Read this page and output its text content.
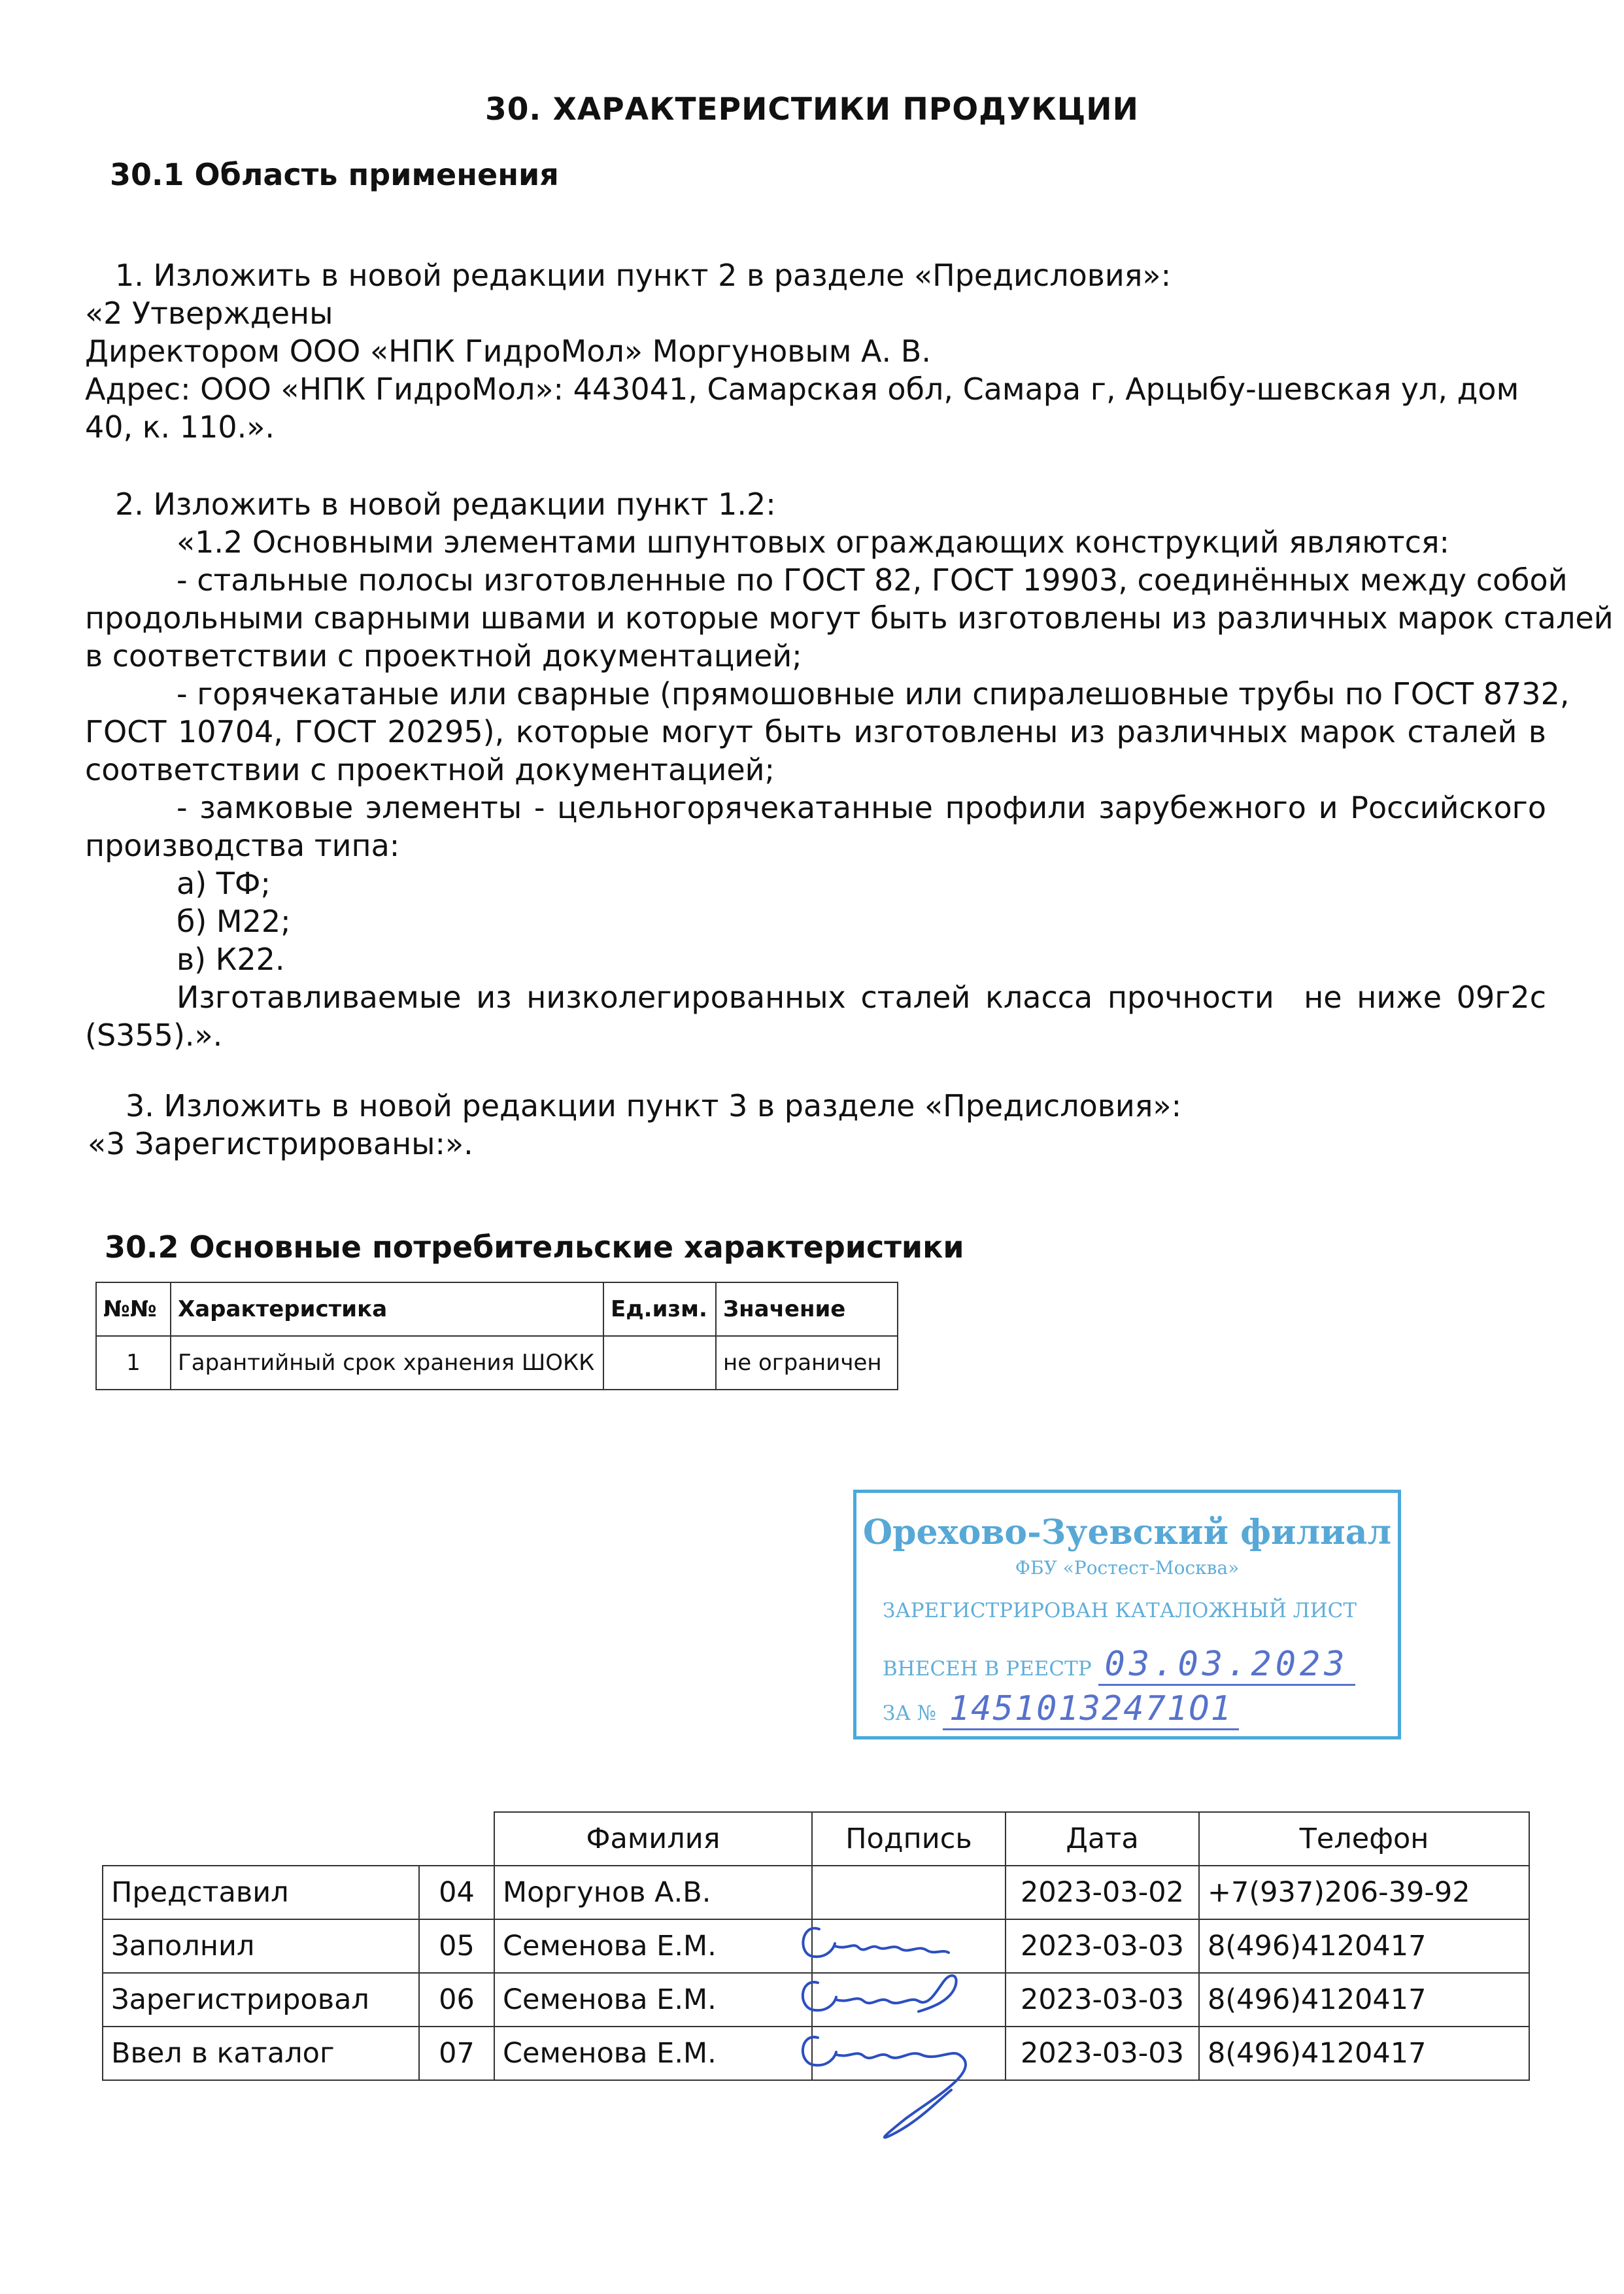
30. ХАРАКТЕРИСТИКИ ПРОДУКЦИИ
30.1 Область применения
1. Изложить в новой редакции пункт 2 в разделе «Предисловия»:
«2 Утверждены
Директором ООО «НПК ГидроМол» Моргуновым А. В.
Адрес: ООО «НПК ГидроМол»: 443041, Самарская обл, Самара г, Арцыбу-шевская ул, дом
40, к. 110.».
2. Изложить в новой редакции пункт 1.2:
«1.2 Основными элементами шпунтовых ограждающих конструкций являются:
- стальные полосы изготовленные по ГОСТ 82, ГОСТ 19903, соединённых между собой
продольными сварными швами и которые могут быть изготовлены из различных марок сталей
в соответствии с проектной документацией;
- горячекатаные или сварные (прямошовные или спиралешовные трубы по ГОСТ 8732,
ГОСТ 10704, ГОСТ 20295), которые могут быть изготовлены из различных марок сталей в
соответствии с проектной документацией;
- замковые элементы - цельногорячекатанные профили зарубежного и Российского
производства типа:
а) ТФ;
б) М22;
в) К22.
Изготавливаемые из низколегированных сталей класса прочности  не ниже 09г2с
(S355).».
3. Изложить в новой редакции пункт 3 в разделе «Предисловия»:
«3 Зарегистрированы:».
30.2 Основные потребительские характеристики
№№	Характеристика	Ед.изм.	Значение
1	Гарантийный срок хранения ШОКК		не ограничен
Орехово-Зуевский филиал
ФБУ «Ростест-Москва»
ЗАРЕГИСТРИРОВАН КАТАЛОЖНЫЙ ЛИСТ
ВНЕСЕН В РЕЕСТР 03.03.2023
ЗА № 14510132471О1
		Фамилия	Подпись	Дата	Телефон
Представил	04	Моргунов А.В.		2023-03-02	+7(937)206-39-92
Заполнил	05	Семенова Е.М.		2023-03-03	8(496)4120417
Зарегистрировал	06	Семенова Е.М.		2023-03-03	8(496)4120417
Ввел в каталог	07	Семенова Е.М.		2023-03-03	8(496)4120417
